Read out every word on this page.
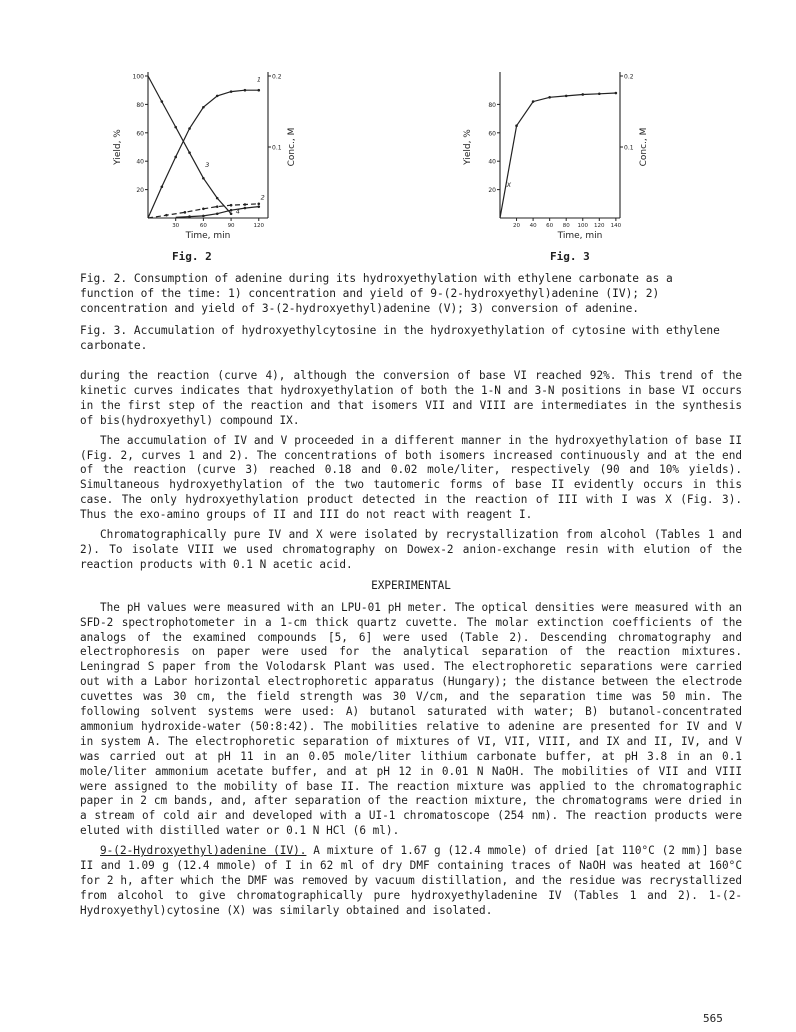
100
80
60
40
20
0.2
0.1
30	60	90	120
Time, min
Yield, %	Conc., M
1
2
3
4
Fig. 2
80
60
40
20
0.2
0.1
20 40 60 80 100 120 140
Time, min
Yield, %	Conc., M
X
Fig. 3

Fig. 2. Consumption of adenine during its hydroxyethylation with ethylene carbonate as a function of the time: 1) concentration and yield of 9-(2-hydroxyethyl)adenine (IV); 2) concentration and yield of 3-(2-hydroxyethyl)adenine (V); 3) conversion of adenine.

Fig. 3. Accumulation of hydroxyethylcytosine in the hydroxyethylation of cytosine with ethylene carbonate.

during the reaction (curve 4), although the conversion of base VI reached 92%. This trend of the kinetic curves indicates that hydroxyethylation of both the 1-N and 3-N positions in base VI occurs in the first step of the reaction and that isomers VII and VIII are intermediates in the synthesis of bis(hydroxyethyl) compound IX.

The accumulation of IV and V proceeded in a different manner in the hydroxyethylation of base II (Fig. 2, curves 1 and 2). The concentrations of both isomers increased continuously and at the end of the reaction (curve 3) reached 0.18 and 0.02 mole/liter, respectively (90 and 10% yields). Simultaneous hydroxyethylation of the two tautomeric forms of base II evidently occurs in this case. The only hydroxyethylation product detected in the reaction of III with I was X (Fig. 3). Thus the exo-amino groups of II and III do not react with reagent I.

Chromatographically pure IV and X were isolated by recrystallization from alcohol (Tables 1 and 2). To isolate VIII we used chromatography on Dowex-2 anion-exchange resin with elution of the reaction products with 0.1 N acetic acid.

EXPERIMENTAL

The pH values were measured with an LPU-01 pH meter. The optical densities were measured with an SFD-2 spectrophotometer in a 1-cm thick quartz cuvette. The molar extinction coefficients of the analogs of the examined compounds [5, 6] were used (Table 2). Descending chromatography and electrophoresis on paper were used for the analytical separation of the reaction mixtures. Leningrad S paper from the Volodarsk Plant was used. The electrophoretic separations were carried out with a Labor horizontal electrophoretic apparatus (Hungary); the distance between the electrode cuvettes was 30 cm, the field strength was 30 V/cm, and the separation time was 50 min. The following solvent systems were used: A) butanol saturated with water; B) butanol-concentrated ammonium hydroxide-water (50:8:42). The mobilities relative to adenine are presented for IV and V in system A. The electrophoretic separation of mixtures of VI, VII, VIII, and IX and II, IV, and V was carried out at pH 11 in an 0.05 mole/liter lithium carbonate buffer, at pH 3.8 in an 0.1 mole/liter ammonium acetate buffer, and at pH 12 in 0.01 N NaOH. The mobilities of VII and VIII were assigned to the mobility of base II. The reaction mixture was applied to the chromatographic paper in 2 cm bands, and, after separation of the reaction mixture, the chromatograms were dried in a stream of cold air and developed with a UI-1 chromatoscope (254 nm). The reaction products were eluted with distilled water or 0.1 N HCl (6 ml).

9-(2-Hydroxyethyl)adenine (IV). A mixture of 1.67 g (12.4 mmole) of dried [at 110°C (2 mm)] base II and 1.09 g (12.4 mmole) of I in 62 ml of dry DMF containing traces of NaOH was heated at 160°C for 2 h, after which the DMF was removed by vacuum distillation, and the residue was recrystallized from alcohol to give chromatographically pure hydroxyethyladenine IV (Tables 1 and 2). 1-(2-Hydroxyethyl)cytosine (X) was similarly obtained and isolated.

565
